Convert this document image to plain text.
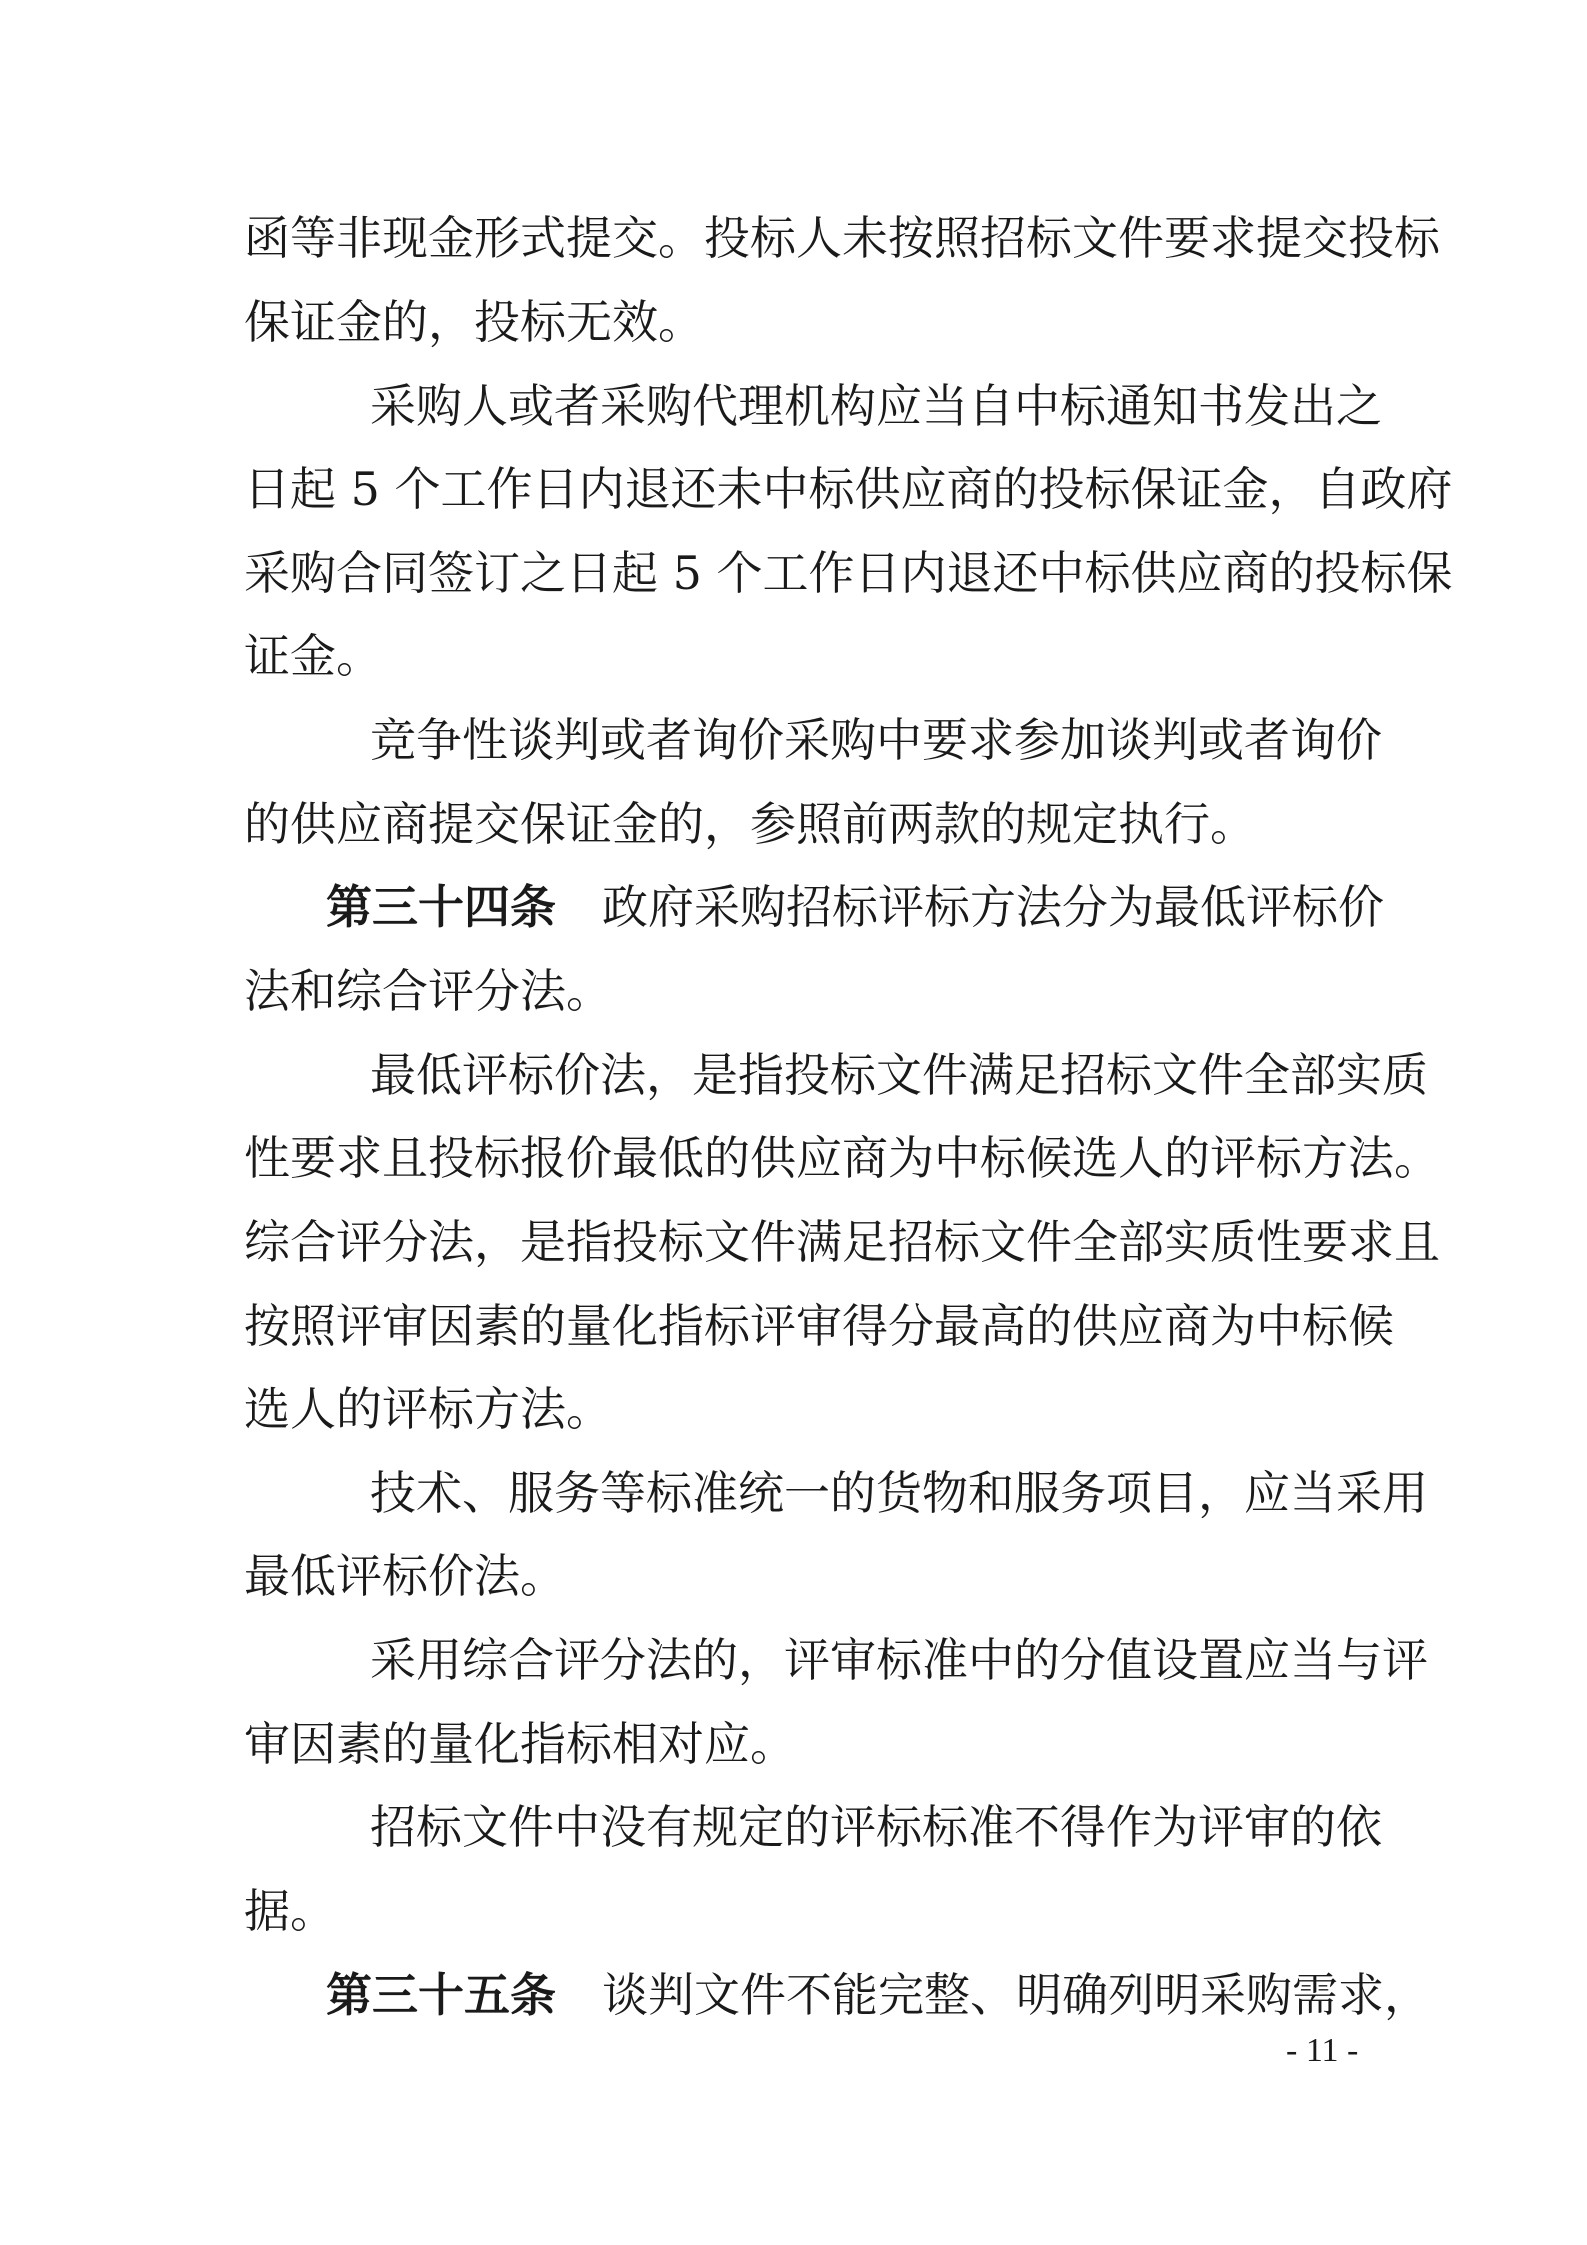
函等非现金形式提交。投标人未按照招标文件要求提交投标

保证金的，投标无效。

采购人或者采购代理机构应当自中标通知书发出之

日起 5 个工作日内退还未中标供应商的投标保证金，自政府

采购合同签订之日起 5 个工作日内退还中标供应商的投标保

证金。

竞争性谈判或者询价采购中要求参加谈判或者询价

的供应商提交保证金的，参照前两款的规定执行。

第三十四条 政府采购招标评标方法分为最低评标价

法和综合评分法。

最低评标价法，是指投标文件满足招标文件全部实质

性要求且投标报价最低的供应商为中标候选人的评标方法。

综合评分法，是指投标文件满足招标文件全部实质性要求且

按照评审因素的量化指标评审得分最高的供应商为中标候

选人的评标方法。

技术、服务等标准统一的货物和服务项目，应当采用

最低评标价法。

采用综合评分法的，评审标准中的分值设置应当与评

审因素的量化指标相对应。

招标文件中没有规定的评标标准不得作为评审的依

据。

第三十五条 谈判文件不能完整、明确列明采购需求，

- 11 -
